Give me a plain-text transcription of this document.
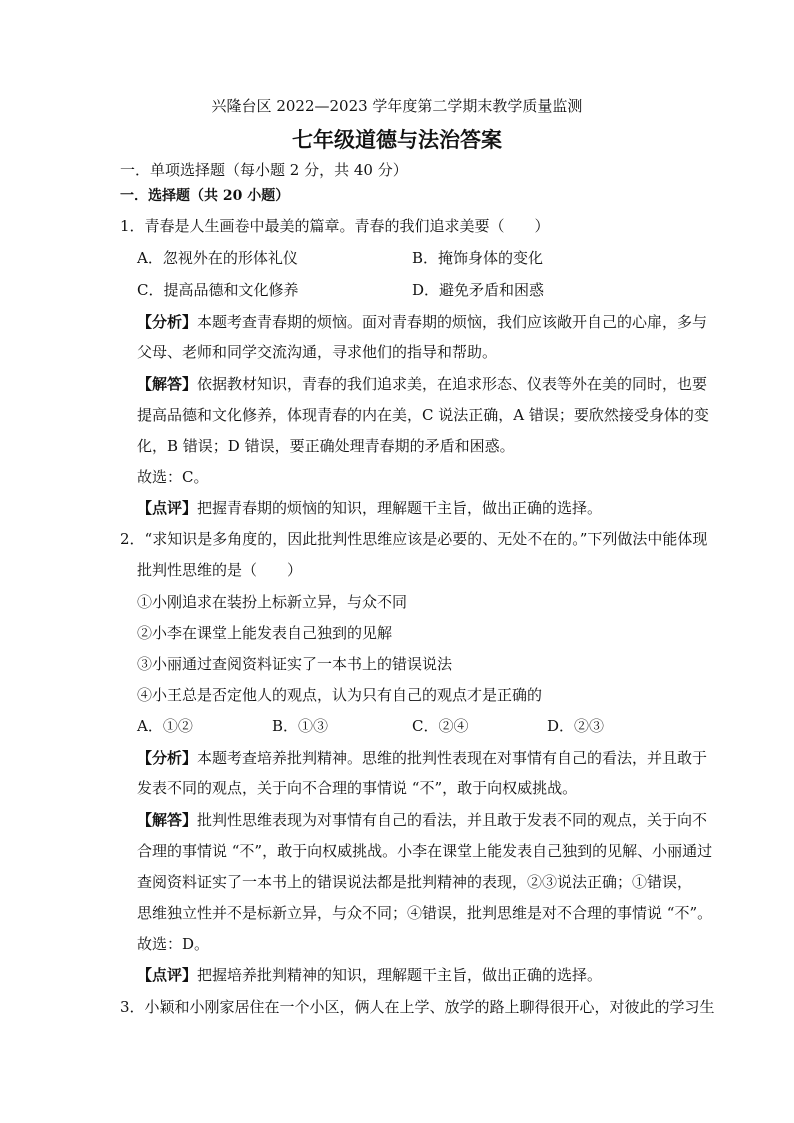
兴隆台区 2022—2023 学年度第二学期末教学质量监测
七年级道德与法治答案
一．单项选择题（每小题 2 分，共 40 分）
一．选择题（共 20 小题）
1．青春是人生画卷中最美的篇章。青春的我们追求美要（　　）
A．忽视外在的形体礼仪	B．掩饰身体的变化
C．提高品德和文化修养	D．避免矛盾和困惑
【分析】本题考查青春期的烦恼。面对青春期的烦恼，我们应该敞开自己的心扉，多与
父母、老师和同学交流沟通，寻求他们的指导和帮助。
【解答】依据教材知识，青春的我们追求美，在追求形态、仪表等外在美的同时，也要
提高品德和文化修养，体现青春的内在美，C 说法正确，A 错误；要欣然接受身体的变
化，B 错误；D 错误，要正确处理青春期的矛盾和困惑。
故选：C。
【点评】把握青春期的烦恼的知识，理解题干主旨，做出正确的选择。
2．“求知识是多角度的，因此批判性思维应该是必要的、无处不在的。”下列做法中能体现
批判性思维的是（　　）
①小刚追求在装扮上标新立异，与众不同
②小李在课堂上能发表自己独到的见解
③小丽通过查阅资料证实了一本书上的错误说法
④小王总是否定他人的观点，认为只有自己的观点才是正确的
A．①②	B．①③	C．②④	D．②③
【分析】本题考查培养批判精神。思维的批判性表现在对事情有自己的看法，并且敢于
发表不同的观点，关于向不合理的事情说 “不”，敢于向权威挑战。
【解答】批判性思维表现为对事情有自己的看法，并且敢于发表不同的观点，关于向不
合理的事情说 “不”，敢于向权威挑战。小李在课堂上能发表自己独到的见解、小丽通过
查阅资料证实了一本书上的错误说法都是批判精神的表现，②③说法正确；①错误，
思维独立性并不是标新立异，与众不同；④错误，批判思维是对不合理的事情说 “不”。
故选：D。
【点评】把握培养批判精神的知识，理解题干主旨，做出正确的选择。
3．小颖和小刚家居住在一个小区，俩人在上学、放学的路上聊得很开心，对彼此的学习生
